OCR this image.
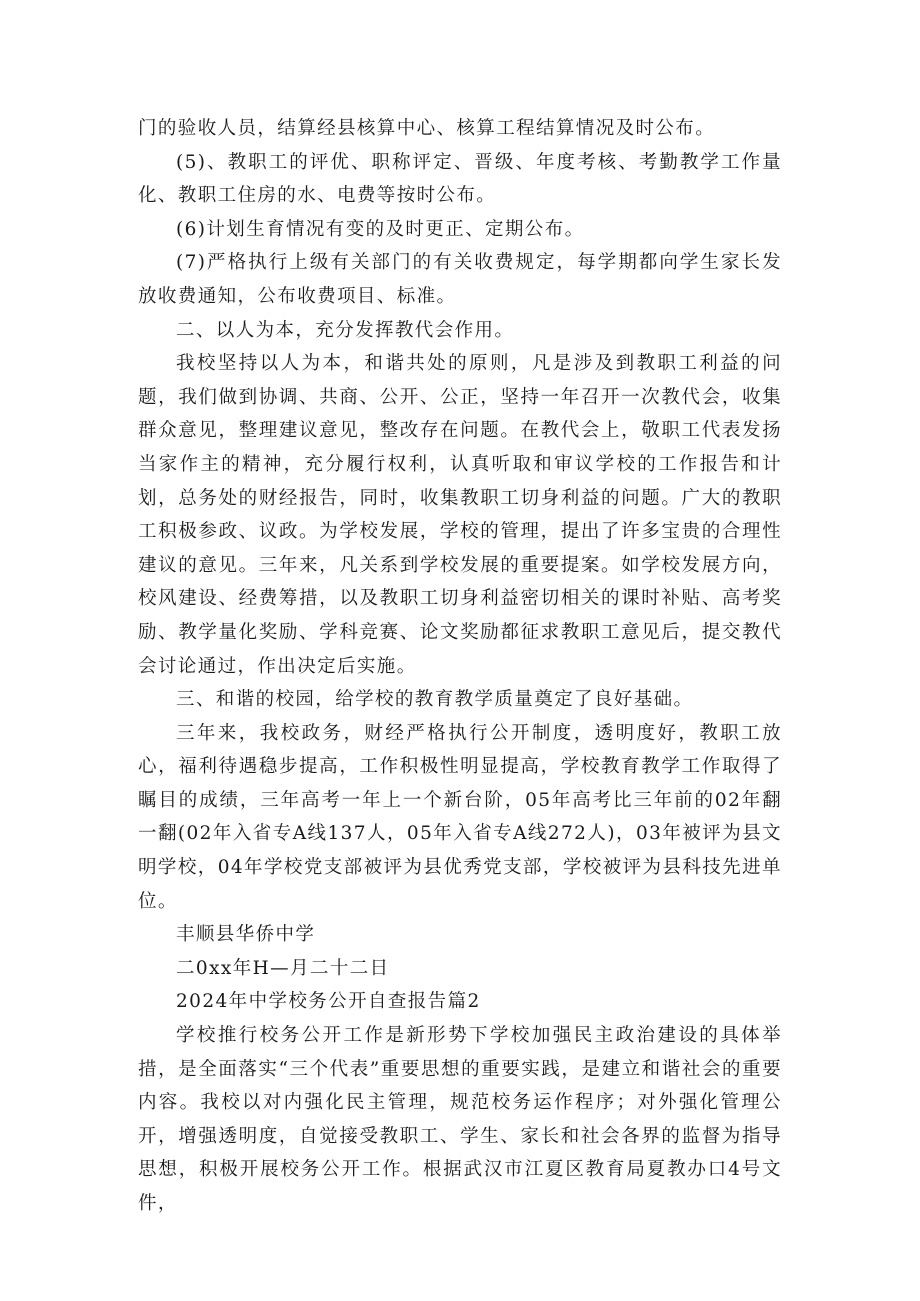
门的验收人员，结算经县核算中心、核算工程结算情况及时公布。

(5)、教职工的评优、职称评定、晋级、年度考核、考勤教学工作量化、教职工住房的水、电费等按时公布。

(6)计划生育情况有变的及时更正、定期公布。

(7)严格执行上级有关部门的有关收费规定，每学期都向学生家长发放收费通知，公布收费项目、标准。

二、以人为本，充分发挥教代会作用。

我校坚持以人为本，和谐共处的原则，凡是涉及到教职工利益的问题，我们做到协调、共商、公开、公正，坚持一年召开一次教代会，收集群众意见，整理建议意见，整改存在问题。在教代会上，敬职工代表发扬当家作主的精神，充分履行权利，认真听取和审议学校的工作报告和计划，总务处的财经报告，同时，收集教职工切身利益的问题。广大的教职工积极参政、议政。为学校发展，学校的管理，提出了许多宝贵的合理性建议的意见。三年来，凡关系到学校发展的重要提案。如学校发展方向，校风建设、经费筹措，以及教职工切身利益密切相关的课时补贴、高考奖励、教学量化奖励、学科竞赛、论文奖励都征求教职工意见后，提交教代会讨论通过，作出决定后实施。

三、和谐的校园，给学校的教育教学质量奠定了良好基础。

三年来，我校政务，财经严格执行公开制度，透明度好，教职工放心，福利待遇稳步提高，工作积极性明显提高，学校教育教学工作取得了瞩目的成绩，三年高考一年上一个新台阶，05年高考比三年前的02年翻一翻(02年入省专A线137人，05年入省专A线272人)，03年被评为县文明学校，04年学校党支部被评为县优秀党支部，学校被评为县科技先进单位。

丰顺县华侨中学

二0xx年H—月二十二日

2024年中学校务公开自查报告篇2

学校推行校务公开工作是新形势下学校加强民主政治建设的具体举措，是全面落实“三个代表”重要思想的重要实践，是建立和谐社会的重要内容。我校以对内强化民主管理，规范校务运作程序；对外强化管理公开，增强透明度，自觉接受教职工、学生、家长和社会各界的监督为指导思想，积极开展校务公开工作。根据武汉市江夏区教育局夏教办口4号文件，
